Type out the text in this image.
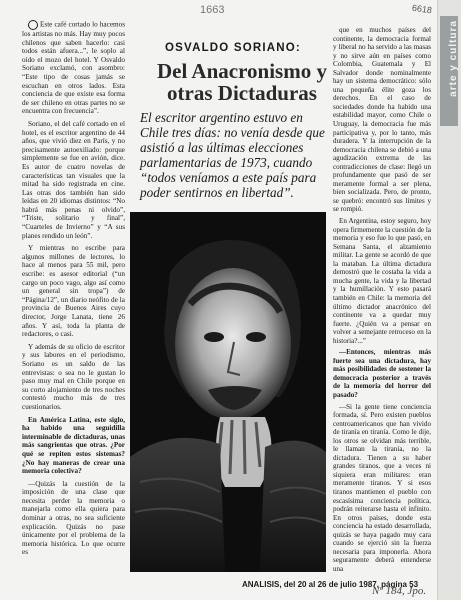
1663	6618

Este café cortado lo hacemos los artistas no más. Hay muy pocos chilenos que saben hacerlo: casi todos están afuera...”, le soplo al oído el mozo del hotel. Y Osvaldo Soriano exclamó, con asombro: “Este tipo de cosas jamás se escuchan en otros lados. Esta conciencia de que existe esa forma de ser chileno en otras partes no se encuentra con frecuencia”.

Soriano, el del café cortado en el hotel, es el escritor argentino de 44 años, que vivió diez en París, y no precisamente autoexiliado: porque simplemente se fue en avión, dice. Es autor de cuatro novelas de características tan visuales que la mitad ha sido registrada en cine. Las otras dos también han sido leídas en 20 idiomas distintos: “No habrá más penas ni olvido”, “Triste, solitario y final”, “Cuarteles de Invierno” y “A sus planes rendido un león”.

Y mientras no escribe para algunos millones de lectores, lo hace al menos para 55 mil, pero escribe: es asesor editorial (“un cargo un poco vago, algo así como un general sin tropa”) de “Página/12”, un diario neófito de la provincia de Buenos Aires cuyo director, Jorge Lanata, tiene 26 años. Y así, toda la planta de redactores, o casi.

Y además de su oficio de escritor y sus labores en el periodismo, Soriano es un saldo de las entrevistas: o sea no le gustan lo paso muy mal en Chile porque en su corto alojamiento de tres noches contestó mucho más de tres cuestionarios.

En América Latina, este siglo, ha habido una seguidilla interminable de dictaduras, unas más sangrientas que otras. ¿Por qué se repiten estos sistemas? ¿No hay maneras de crear una memoria colectiva?

—Quizás la cuestión de la imposición de una clase que necesita perder la memoria o manejarla como ella quiera para dominar a otras, no sea suficiente explicación. Quizás no pase únicamente por el problema de la memoria histórica. Lo que ocurre es

OSVALDO SORIANO:
Del Anacronismo y otras Dictaduras
El escritor argentino estuvo en Chile tres días: no venía desde que asistió a las últimas elecciones parlamentarias de 1973, cuando “todos veníamos a este país para poder sentirnos en libertad”.

que en muchos países del continente, la democracia formal y liberal no ha servido a las masas y no sirve aún en países como Colombia, Guatemala y El Salvador donde nominalmente hay un sistema democrático: sólo una pequeña élite goza los derechos. En el caso de sociedades donde ha habido una estabilidad mayor, como Chile o Uruguay, la democracia fue más participativa y, por lo tanto, más duradera. Y la interrupción de la democracia chilena se debió a una agudización extrema de las contradicciones de clase: llegó un profundamente que pasó de ser meramente formal a ser plena, bien socializada. Pero, de pronto, se quebró: encontró sus límites y se rompió.

En Argentina, estoy seguro, hoy opera firmemente la cuestión de la memoria y eso fue lo que pasó, en Semana Santa, el alzamiento militar. La gente se acordó de que la mataban. La última dictadura demostró que le costaba la vida a mucha gente, la vida y la libertad y la humillación. Y esto pasará también en Chile: la memoria del último dictador anacrónico del continente va a quedar muy fuerte. ¿Quién va a pensar en volver a semejante retroceso en la historia?...”

—Entonces, mientras más fuerte sea una dictadura, hay más posibilidades de sostener la democracia posterior a través de la memoria del horror del pasado?

—Si la gente tiene conciencia formada, sí. Pero existen pueblos centroamericanos que han vivido de tiranía en tiranía. Como le dije, los otros se olvidan más terrible, le llaman la tiranía, no la dictadura. Tienen a su haber grandes tiranos, que a veces ni siquiera eran militares: eran meramente tiranos. Y si esos tiranos mantienen el pueblo con escasísima conciencia política, podrán reiterarse hasta el infinito. En otros países, donde esta conciencia ha estado desarrollada, quizás se haya pagado muy cara cuando se ejerció sin la fuerza necesaria para imponerla. Ahora seguramente deberá entenderse una

arte y cultura
ANALISIS, del 20 al 26 de julio 1987, página 53
Nº 184, Jpo.
